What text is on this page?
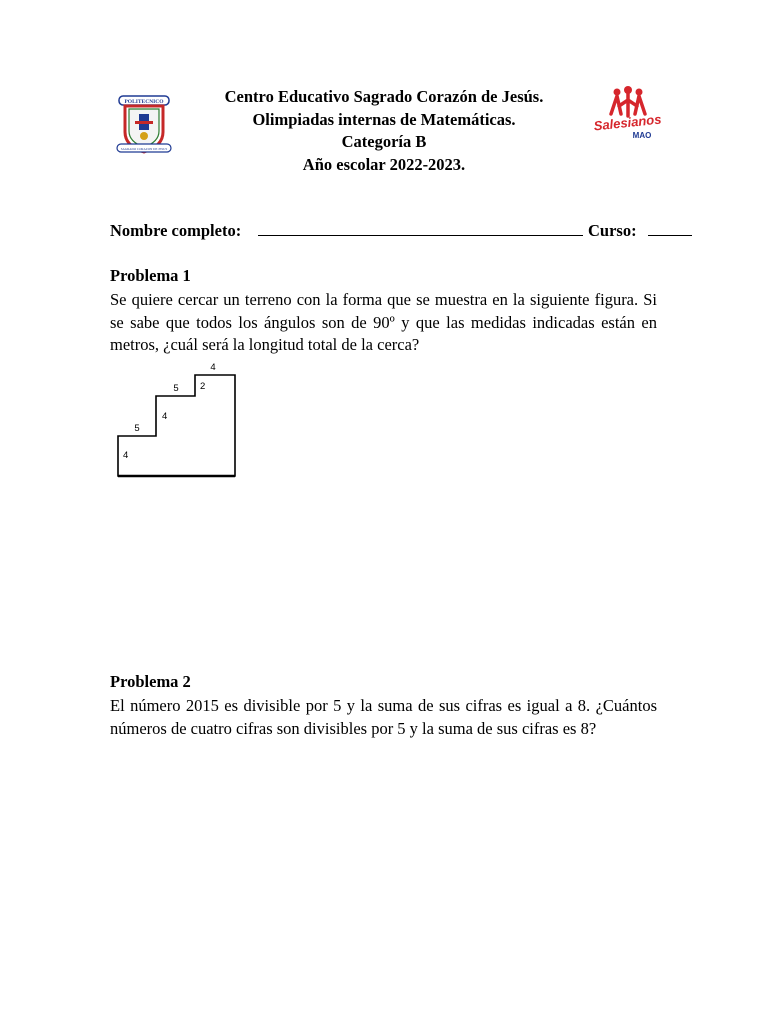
POLITECNICO
SAGRADO CORAZON DE JESUS
Salesianos
MAO
Centro Educativo Sagrado Corazón de Jesús.
Olimpiadas internas de Matemáticas.
Categoría B
Año escolar 2022-2023.
Nombre completo:	Curso:
Problema 1
Se quiere cercar un terreno con la forma que se muestra en la siguiente figura. Si se sabe que todos los ángulos son de 90º y que las medidas indicadas están en metros, ¿cuál será la longitud total de la cerca?
4
2
5
4
5
4
Problema 2
El número 2015 es divisible por 5 y la suma de sus cifras es igual a 8. ¿Cuántos números de cuatro cifras son divisibles por 5 y la suma de sus cifras es 8?
